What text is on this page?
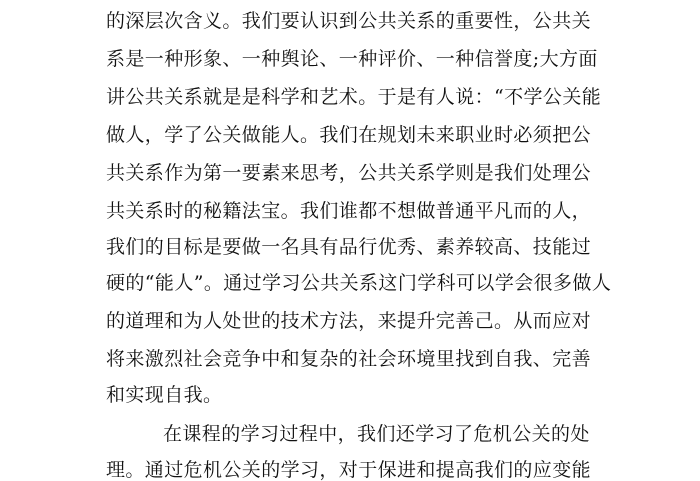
的深层次含义。我们要认识到公共关系的重要性，公共关
系是一种形象、一种舆论、一种评价、一种信誉度;大方面
讲公共关系就是是科学和艺术。于是有人说：“不学公关能
做人，学了公关做能人。我们在规划未来职业时必须把公
共关系作为第一要素来思考，公共关系学则是我们处理公
共关系时的秘籍法宝。我们谁都不想做普通平凡而的人，
我们的目标是要做一名具有品行优秀、素养较高、技能过
硬的“能人”。通过学习公共关系这门学科可以学会很多做人
的道理和为人处世的技术方法，来提升完善己。从而应对
将来激烈社会竞争中和复杂的社会环境里找到自我、完善
和实现自我。
在课程的学习过程中，我们还学习了危机公关的处
理。通过危机公关的学习，对于保进和提高我们的应变能
